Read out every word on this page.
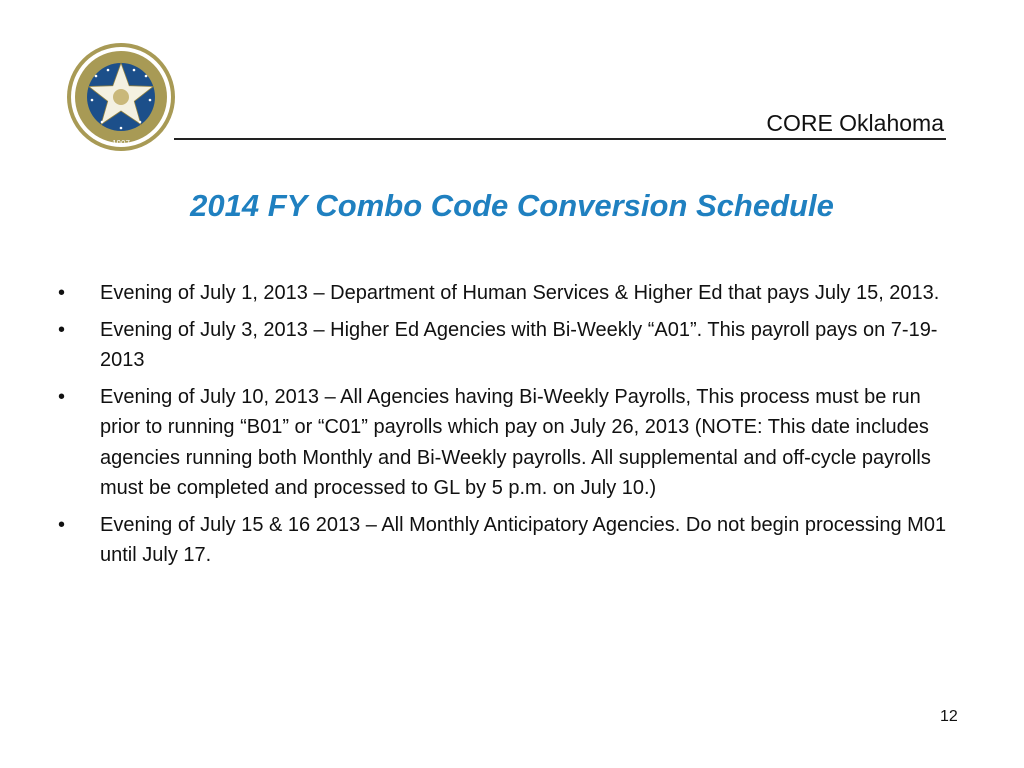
1907
CORE Oklahoma
2014 FY Combo Code Conversion Schedule
• Evening of July 1, 2013 – Department of Human Services & Higher Ed that pays July 15, 2013.
• Evening of July 3, 2013 – Higher Ed Agencies with Bi-Weekly “A01”. This payroll pays on 7-19-2013
• Evening of July 10, 2013 – All Agencies having Bi-Weekly Payrolls, This process must be run prior to running “B01” or “C01” payrolls which pay on July 26, 2013 (NOTE: This date includes agencies running both Monthly and Bi-Weekly payrolls. All supplemental and off-cycle payrolls must be completed and processed to GL by 5 p.m. on July 10.)
• Evening of July 15 & 16 2013 – All Monthly Anticipatory Agencies. Do not begin processing M01 until July 17.
12
